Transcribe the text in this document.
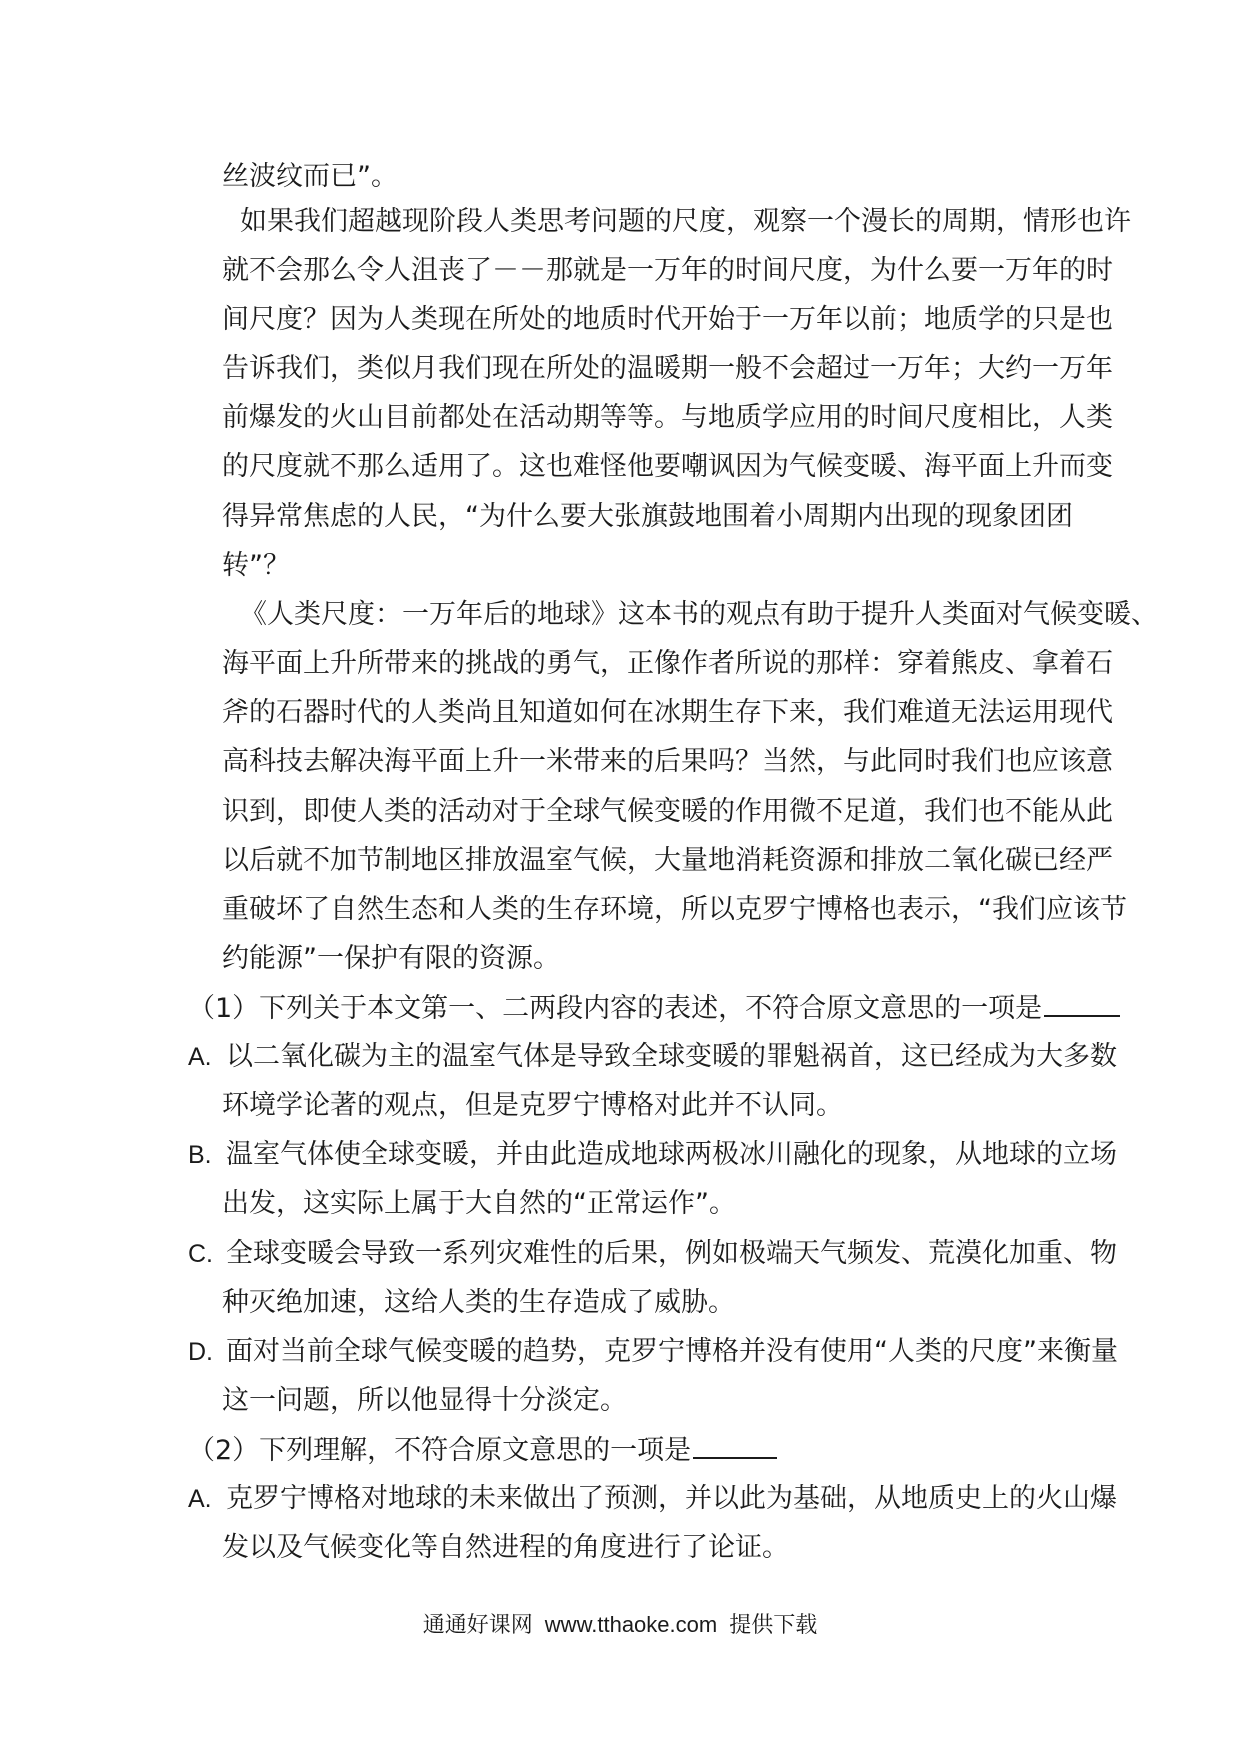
丝波纹而已”。
如果我们超越现阶段人类思考问题的尺度，观察一个漫长的周期，情形也许
就不会那么令人沮丧了－－那就是一万年的时间尺度，为什么要一万年的时
间尺度？因为人类现在所处的地质时代开始于一万年以前；地质学的只是也
告诉我们，类似月我们现在所处的温暖期一般不会超过一万年；大约一万年
前爆发的火山目前都处在活动期等等。与地质学应用的时间尺度相比，人类
的尺度就不那么适用了。这也难怪他要嘲讽因为气候变暖、海平面上升而变
得异常焦虑的人民，“为什么要大张旗鼓地围着小周期内出现的现象团团
转”？
《人类尺度：一万年后的地球》这本书的观点有助于提升人类面对气候变暖、
海平面上升所带来的挑战的勇气，正像作者所说的那样：穿着熊皮、拿着石
斧的石器时代的人类尚且知道如何在冰期生存下来，我们难道无法运用现代
高科技去解决海平面上升一米带来的后果吗？当然，与此同时我们也应该意
识到，即使人类的活动对于全球气候变暖的作用微不足道，我们也不能从此
以后就不加节制地区排放温室气候，大量地消耗资源和排放二氧化碳已经严
重破坏了自然生态和人类的生存环境，所以克罗宁博格也表示，“我们应该节
约能源”一保护有限的资源。
（1）下列关于本文第一、二两段内容的表述，不符合原文意思的一项是
A. 以二氧化碳为主的温室气体是导致全球变暖的罪魁祸首，这已经成为大多数
环境学论著的观点，但是克罗宁博格对此并不认同。
B. 温室气体使全球变暖，并由此造成地球两极冰川融化的现象，从地球的立场
出发，这实际上属于大自然的“正常运作”。
C. 全球变暖会导致一系列灾难性的后果，例如极端天气频发、荒漠化加重、物
种灭绝加速，这给人类的生存造成了威胁。
D. 面对当前全球气候变暖的趋势，克罗宁博格并没有使用“人类的尺度”来衡量
这一问题，所以他显得十分淡定。
（2）下列理解，不符合原文意思的一项是
A. 克罗宁博格对地球的未来做出了预测，并以此为基础，从地质史上的火山爆
发以及气候变化等自然进程的角度进行了论证。
通通好课网 www.tthaoke.com 提供下载
